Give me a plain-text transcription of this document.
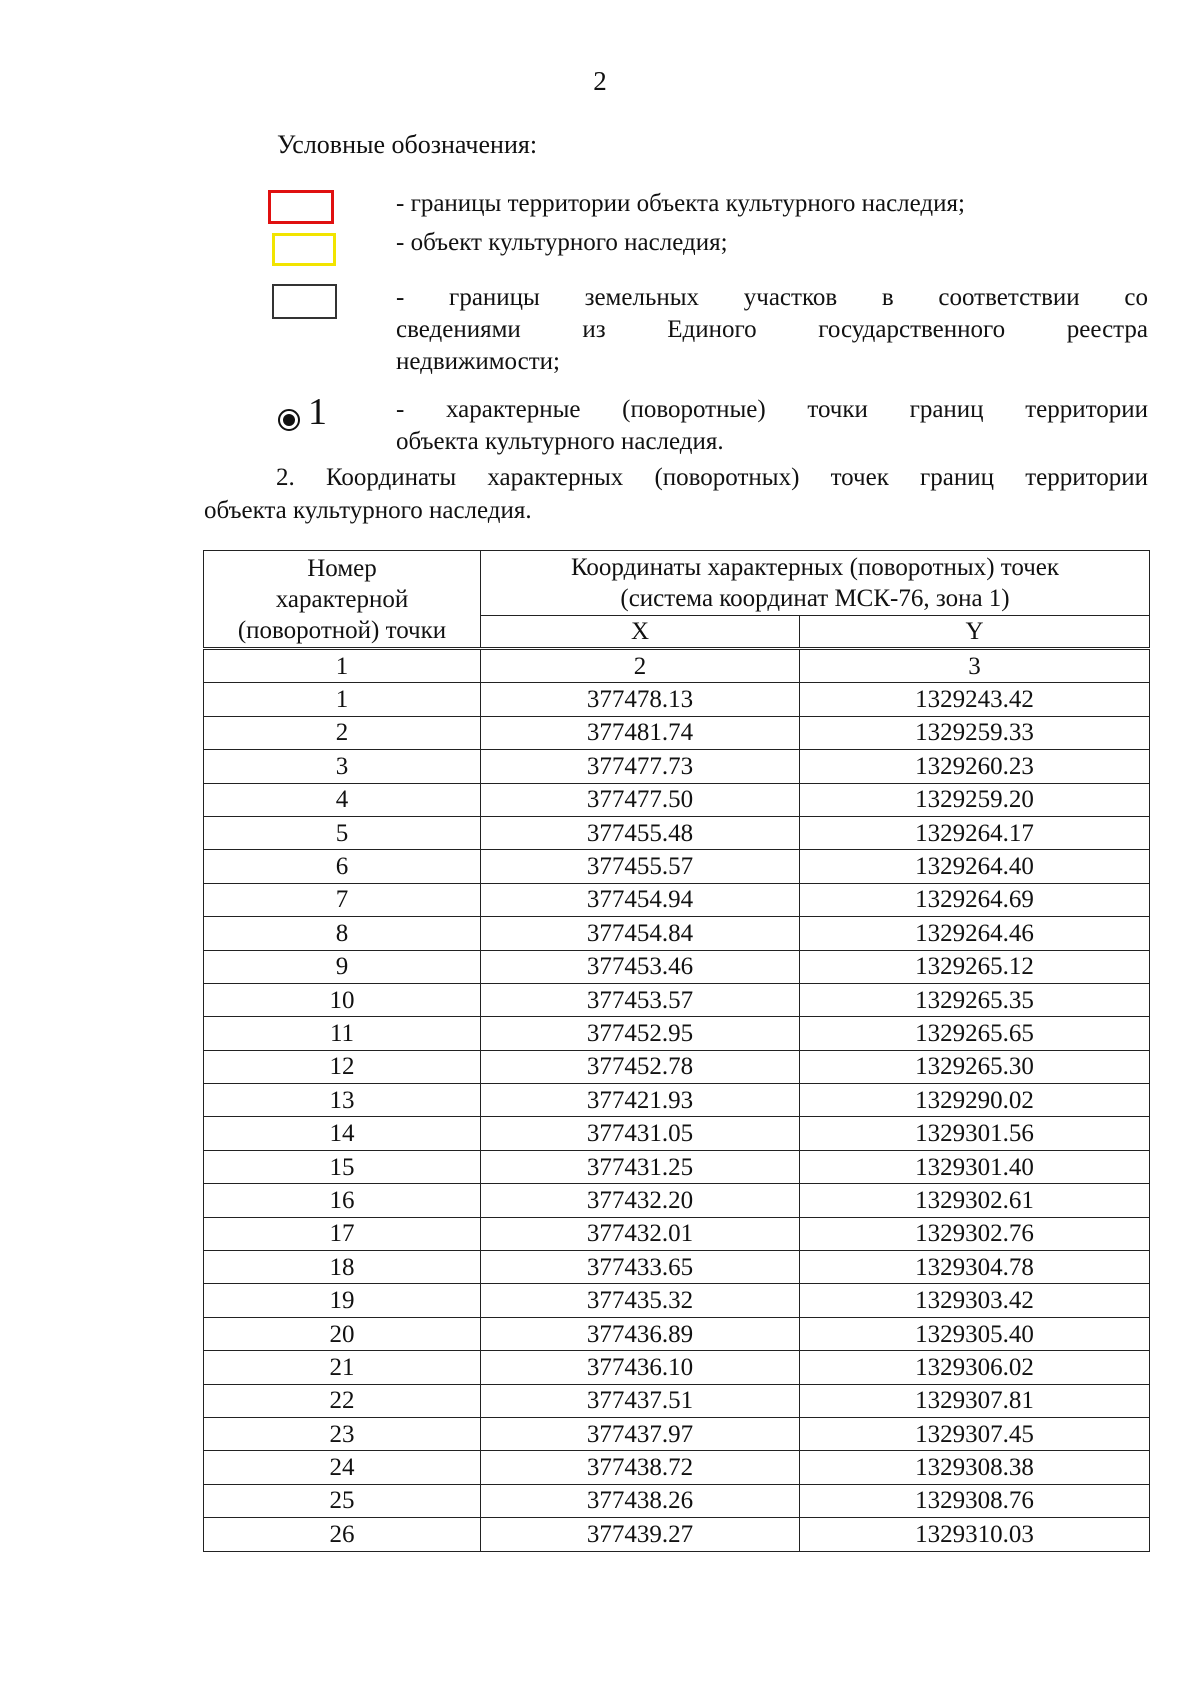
2
Условные обозначения:
- границы территории объекта культурного наследия;
- объект культурного наследия;
- границы земельных участков в соответствии со
сведениями из Единого государственного реестра
недвижимости;
1	- характерные (поворотные) точки границ территории
объекта культурного наследия.
2. Координаты характерных (поворотных) точек границ территории
объекта культурного наследия.
Номер
характерной
(поворотной) точки	Координаты характерных (поворотных) точек
(система координат МСК-76, зона 1)	

	X	Y
1	2	3
1	377478.13	1329243.42
2	377481.74	1329259.33
3	377477.73	1329260.23
4	377477.50	1329259.20
5	377455.48	1329264.17
6	377455.57	1329264.40
7	377454.94	1329264.69
8	377454.84	1329264.46
9	377453.46	1329265.12
10	377453.57	1329265.35
11	377452.95	1329265.65
12	377452.78	1329265.30
13	377421.93	1329290.02
14	377431.05	1329301.56
15	377431.25	1329301.40
16	377432.20	1329302.61
17	377432.01	1329302.76
18	377433.65	1329304.78
19	377435.32	1329303.42
20	377436.89	1329305.40
21	377436.10	1329306.02
22	377437.51	1329307.81
23	377437.97	1329307.45
24	377438.72	1329308.38
25	377438.26	1329308.76
26	377439.27	1329310.03
